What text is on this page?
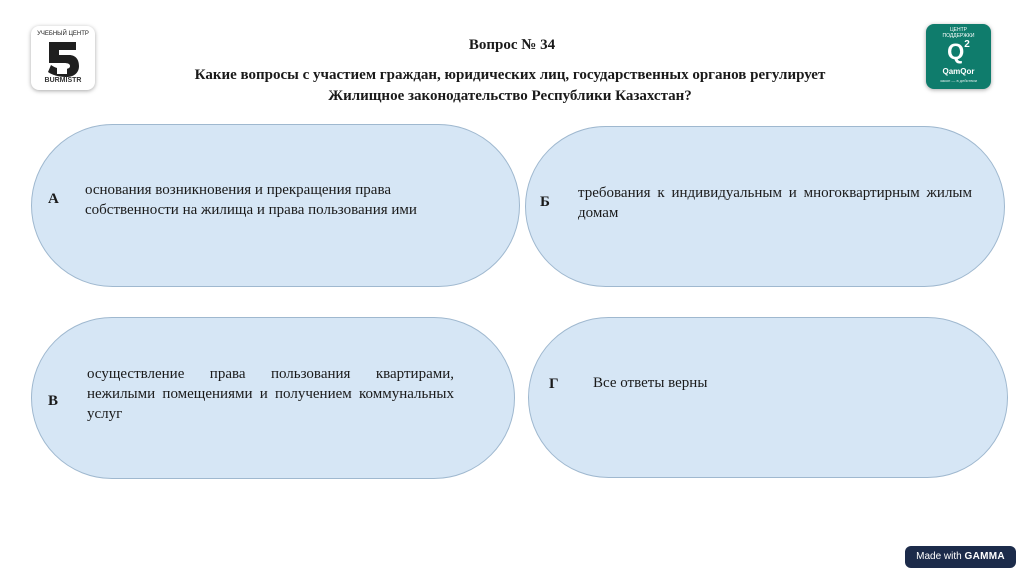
УЧЕБНЫЙ ЦЕНТР
BURMISTR
ЦЕНТР
ПОДДЕРЖКИ
$Q^2$
QamQor
закон — в действии
Вопрос № 34
Какие вопросы с участием граждан, юридических лиц, государственных органов регулирует Жилищное законодательство Республики Казахстан?
А
основания возникновения и прекращения права собственности на жилища и права пользования ими	Б
требования к индивидуальным и многоквартирным жилым домам
В
осуществление права пользования квартирами, нежилыми помещениями и получением коммунальных услуг
Г Все ответы верны
Made with GAMMA
